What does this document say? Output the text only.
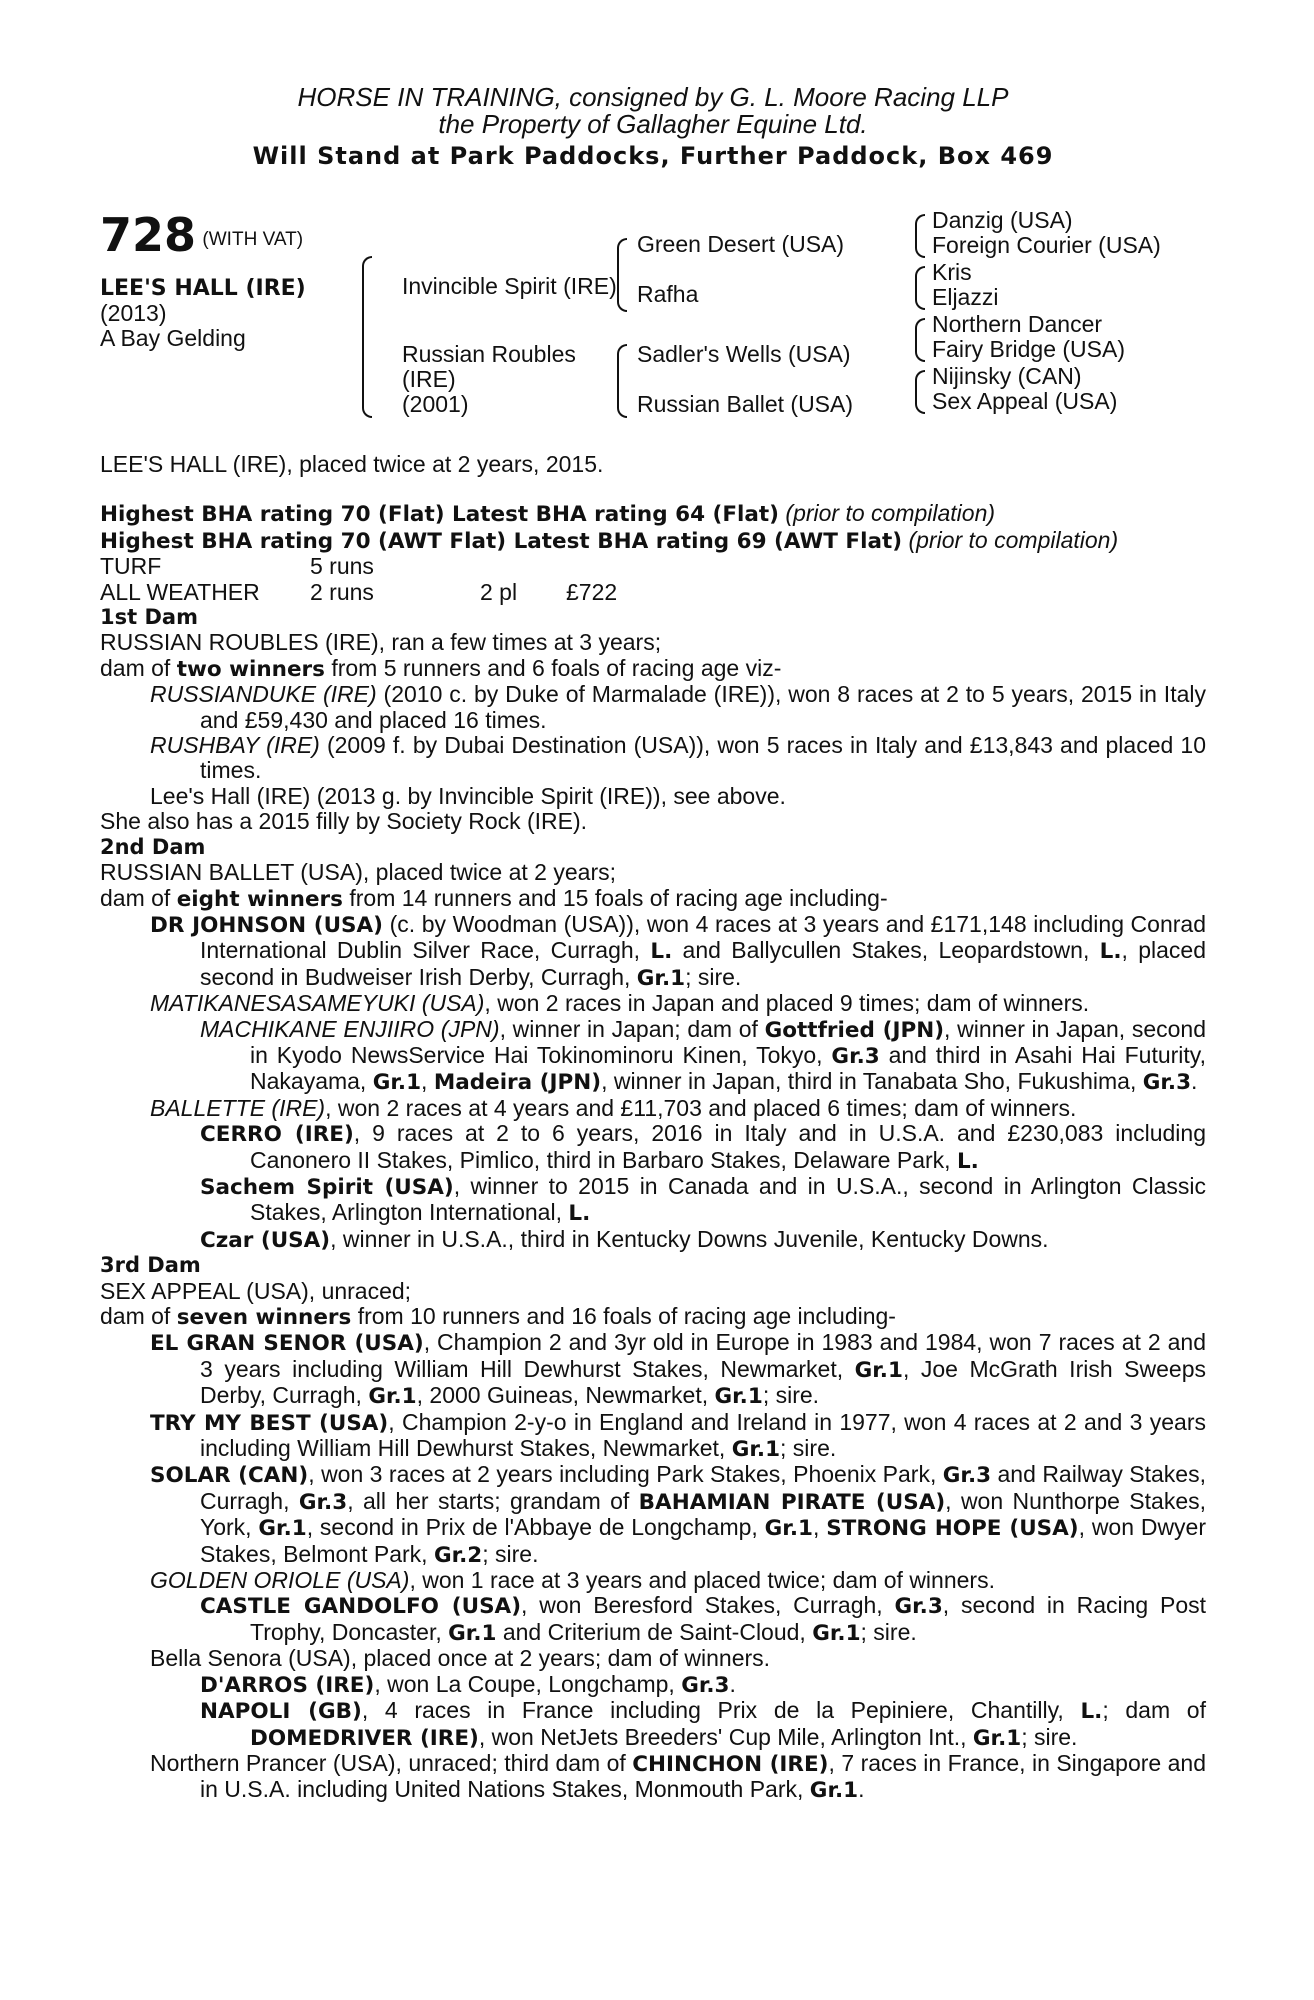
HORSE IN TRAINING, consigned by G. L. Moore Racing LLP
the Property of Gallagher Equine Ltd.
Will Stand at Park Paddocks, Further Paddock, Box 469
728 $^{(WITH VAT)}$
LEE'S HALL (IRE)
(2013)
A Bay Gelding
Invincible Spirit (IRE)
Russian Roubles
(IRE)
(2001)
Green Desert (USA)
Rafha
Sadler's Wells (USA)
Russian Ballet (USA)
Danzig (USA)
Foreign Courier (USA)
Kris
Eljazzi
Northern Dancer
Fairy Bridge (USA)
Nijinsky (CAN)
Sex Appeal (USA)

LEE'S HALL (IRE), placed twice at 2 years, 2015.

Highest BHA rating 70 (Flat) Latest BHA rating 64 (Flat) (prior to compilation)

Highest BHA rating 70 (AWT Flat) Latest BHA rating 69 (AWT Flat) (prior to compilation)

TURF	5 runs
ALL WEATHER	2 runs	2 pl	£722

1st Dam

RUSSIAN ROUBLES (IRE), ran a few times at 3 years;

dam of two winners from 5 runners and 6 foals of racing age viz-

RUSSIANDUKE (IRE) (2010 c. by Duke of Marmalade (IRE)), won 8 races at 2 to 5 years, 2015 in Italy and £59,430 and placed 16 times.

RUSHBAY (IRE) (2009 f. by Dubai Destination (USA)), won 5 races in Italy and £13,843 and placed 10 times.

Lee's Hall (IRE) (2013 g. by Invincible Spirit (IRE)), see above.

She also has a 2015 filly by Society Rock (IRE).

2nd Dam

RUSSIAN BALLET (USA), placed twice at 2 years;

dam of eight winners from 14 runners and 15 foals of racing age including-

DR JOHNSON (USA) (c. by Woodman (USA)), won 4 races at 3 years and £171,148 including Conrad International Dublin Silver Race, Curragh, L. and Ballycullen Stakes, Leopardstown, L., placed second in Budweiser Irish Derby, Curragh, Gr.1; sire.

MATIKANESASAMEYUKI (USA), won 2 races in Japan and placed 9 times; dam of winners.

MACHIKANE ENJIIRO (JPN), winner in Japan; dam of Gottfried (JPN), winner in Japan, second in Kyodo NewsService Hai Tokinominoru Kinen, Tokyo, Gr.3 and third in Asahi Hai Futurity, Nakayama, Gr.1, Madeira (JPN), winner in Japan, third in Tanabata Sho, Fukushima, Gr.3.

BALLETTE (IRE), won 2 races at 4 years and £11,703 and placed 6 times; dam of winners.

CERRO (IRE), 9 races at 2 to 6 years, 2016 in Italy and in U.S.A. and £230,083 including Canonero II Stakes, Pimlico, third in Barbaro Stakes, Delaware Park, L.

Sachem Spirit (USA), winner to 2015 in Canada and in U.S.A., second in Arlington Classic Stakes, Arlington International, L.

Czar (USA), winner in U.S.A., third in Kentucky Downs Juvenile, Kentucky Downs.

3rd Dam

SEX APPEAL (USA), unraced;

dam of seven winners from 10 runners and 16 foals of racing age including-

EL GRAN SENOR (USA), Champion 2 and 3yr old in Europe in 1983 and 1984, won 7 races at 2 and 3 years including William Hill Dewhurst Stakes, Newmarket, Gr.1, Joe McGrath Irish Sweeps Derby, Curragh, Gr.1, 2000 Guineas, Newmarket, Gr.1; sire.

TRY MY BEST (USA), Champion 2-y-o in England and Ireland in 1977, won 4 races at 2 and 3 years including William Hill Dewhurst Stakes, Newmarket, Gr.1; sire.

SOLAR (CAN), won 3 races at 2 years including Park Stakes, Phoenix Park, Gr.3 and Railway Stakes, Curragh, Gr.3, all her starts; grandam of BAHAMIAN PIRATE (USA), won Nunthorpe Stakes, York, Gr.1, second in Prix de l'Abbaye de Longchamp, Gr.1, STRONG HOPE (USA), won Dwyer Stakes, Belmont Park, Gr.2; sire.

GOLDEN ORIOLE (USA), won 1 race at 3 years and placed twice; dam of winners.

CASTLE GANDOLFO (USA), won Beresford Stakes, Curragh, Gr.3, second in Racing Post Trophy, Doncaster, Gr.1 and Criterium de Saint-Cloud, Gr.1; sire.

Bella Senora (USA), placed once at 2 years; dam of winners.

D'ARROS (IRE), won La Coupe, Longchamp, Gr.3.

NAPOLI (GB), 4 races in France including Prix de la Pepiniere, Chantilly, L.; dam of DOMEDRIVER (IRE), won NetJets Breeders' Cup Mile, Arlington Int., Gr.1; sire.

Northern Prancer (USA), unraced; third dam of CHINCHON (IRE), 7 races in France, in Singapore and in U.S.A. including United Nations Stakes, Monmouth Park, Gr.1.
